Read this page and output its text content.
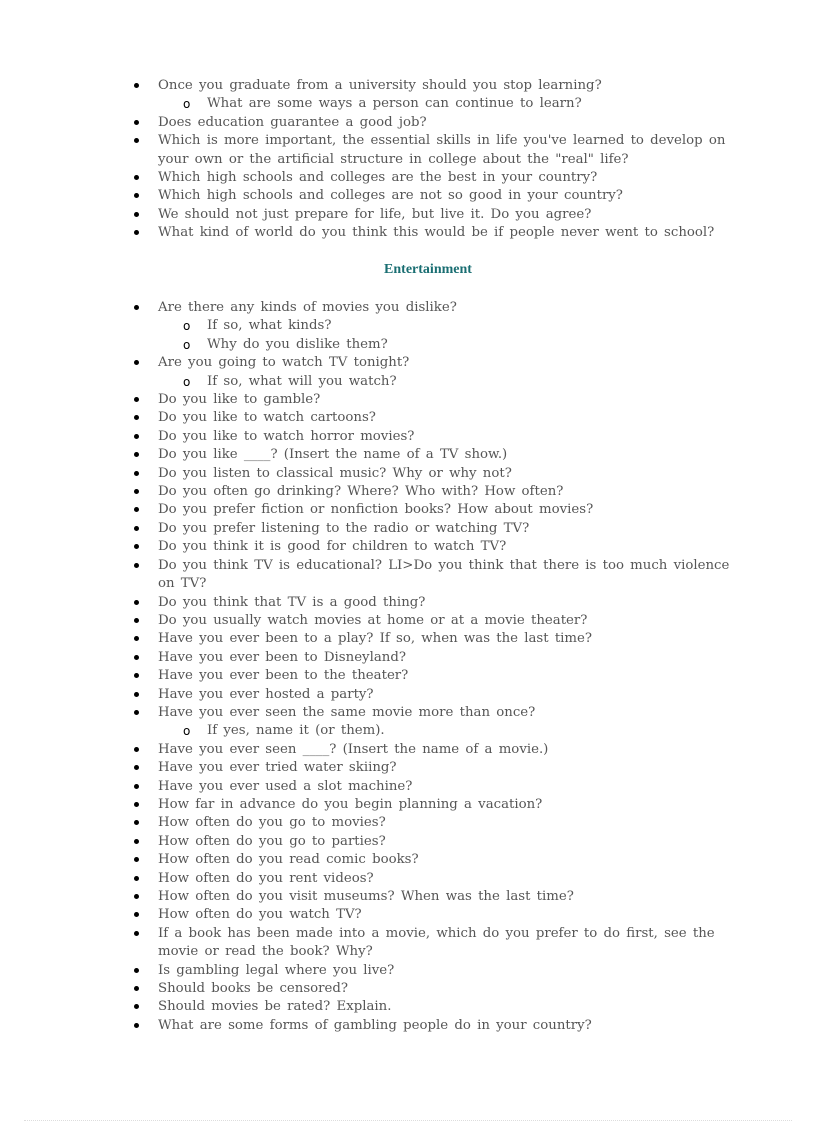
Once you graduate from a university should you stop learning?
o What are some ways a person can continue to learn?
Does education guarantee a good job?
Which is more important, the essential skills in life you've learned to develop on your own or the artificial structure in college about the "real" life?
Which high schools and colleges are the best in your country?
Which high schools and colleges are not so good in your country?
We should not just prepare for life, but live it. Do you agree?
What kind of world do you think this would be if people never went to school?
Entertainment
Are there any kinds of movies you dislike?
o If so, what kinds?
o Why do you dislike them?
Are you going to watch TV tonight?
o If so, what will you watch?
Do you like to gamble?
Do you like to watch cartoons?
Do you like to watch horror movies?
Do you like ____? (Insert the name of a TV show.)
Do you listen to classical music? Why or why not?
Do you often go drinking? Where? Who with? How often?
Do you prefer fiction or nonfiction books? How about movies?
Do you prefer listening to the radio or watching TV?
Do you think it is good for children to watch TV?
Do you think TV is educational? LI>Do you think that there is too much violence on TV?
Do you think that TV is a good thing?
Do you usually watch movies at home or at a movie theater?
Have you ever been to a play? If so, when was the last time?
Have you ever been to Disneyland?
Have you ever been to the theater?
Have you ever hosted a party?
Have you ever seen the same movie more than once?
o If yes, name it (or them).
Have you ever seen ____? (Insert the name of a movie.)
Have you ever tried water skiing?
Have you ever used a slot machine?
How far in advance do you begin planning a vacation?
How often do you go to movies?
How often do you go to parties?
How often do you read comic books?
How often do you rent videos?
How often do you visit museums? When was the last time?
How often do you watch TV?
If a book has been made into a movie, which do you prefer to do first, see the movie or read the book? Why?
Is gambling legal where you live?
Should books be censored?
Should movies be rated? Explain.
What are some forms of gambling people do in your country?
